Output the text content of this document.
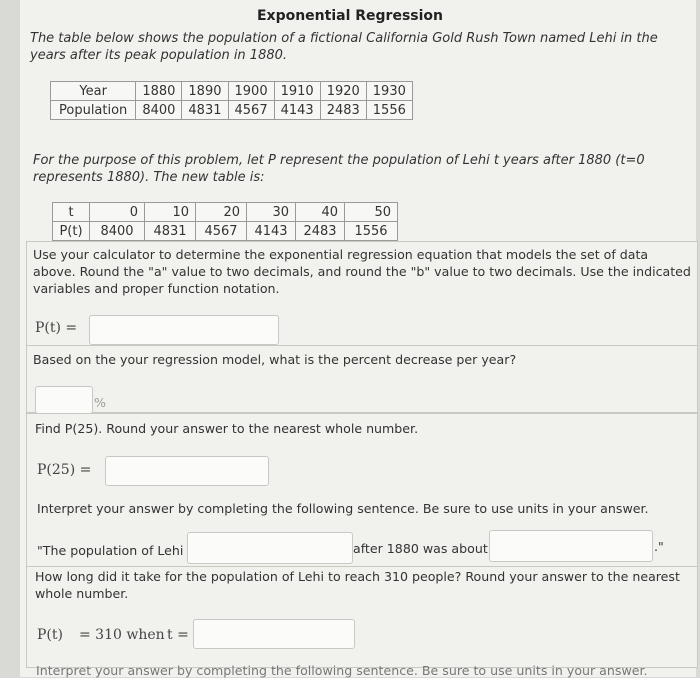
Exponential Regression
The table below shows the population of a fictional California Gold Rush Town named Lehi in the years after its peak population in 1880.
Year	1880	1890	1900	1910	1920	1930
Population	8400	4831	4567	4143	2483	1556
For the purpose of this problem, let P represent the population of Lehi t years after 1880 (t=0 represents 1880). The new table is:
t	0	10	20	30	40	50
P(t)	8400	4831	4567	4143	2483	1556
Use your calculator to determine the exponential regression equation that models the set of data above. Round the "a" value to two decimals, and round the "b" value to two decimals. Use the indicated variables and proper function notation.
P(t) =
Based on the your regression model, what is the percent decrease per year?
%
Find P(25). Round your answer to the nearest whole number.
P(25) =
Interpret your answer by completing the following sentence. Be sure to use units in your answer.
"The population of Lehi	after 1880 was about	."
How long did it take for the population of Lehi to reach 310 people? Round your answer to the nearest whole number.
P(t) = 310 when t =
Interpret your answer by completing the following sentence. Be sure to use units in your answer.
